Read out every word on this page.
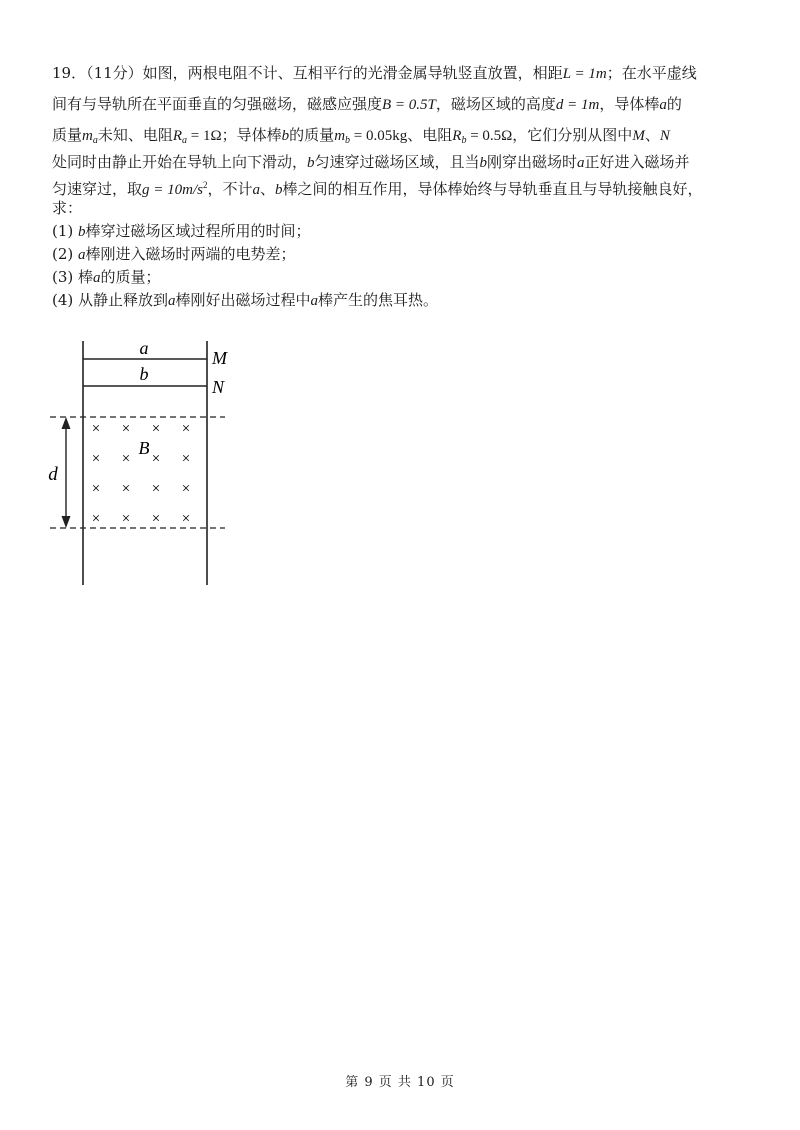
19．（11分）如图，两根电阻不计、互相平行的光滑金属导轨竖直放置，相距L = 1m；在水平虚线
间有与导轨所在平面垂直的匀强磁场，磁感应强度B = 0.5T，磁场区域的高度d = 1m，导体棒a的
质量$m_a$未知、电阻$R_a = 1\Omega$；导体棒b的质量$m_b = 0.05kg$、电阻$R_b = 0.5\Omega$，它们分别从图中M、N
处同时由静止开始在导轨上向下滑动，b匀速穿过磁场区域，且当b刚穿出磁场时a正好进入磁场并
匀速穿过，取$g = 10m/s^2$，不计a、b棒之间的相互作用，导体棒始终与导轨垂直且与导轨接触良好，
求：
(1) b棒穿过磁场区域过程所用的时间；
(2) a棒刚进入磁场时两端的电势差；
(3) 棒a的质量；
(4) 从静止释放到a棒刚好出磁场过程中a棒产生的焦耳热。
a
b
M
N
d
× × × ×
× × × ×
× × × ×
× × × ×
B
第 9 页 共 10 页
